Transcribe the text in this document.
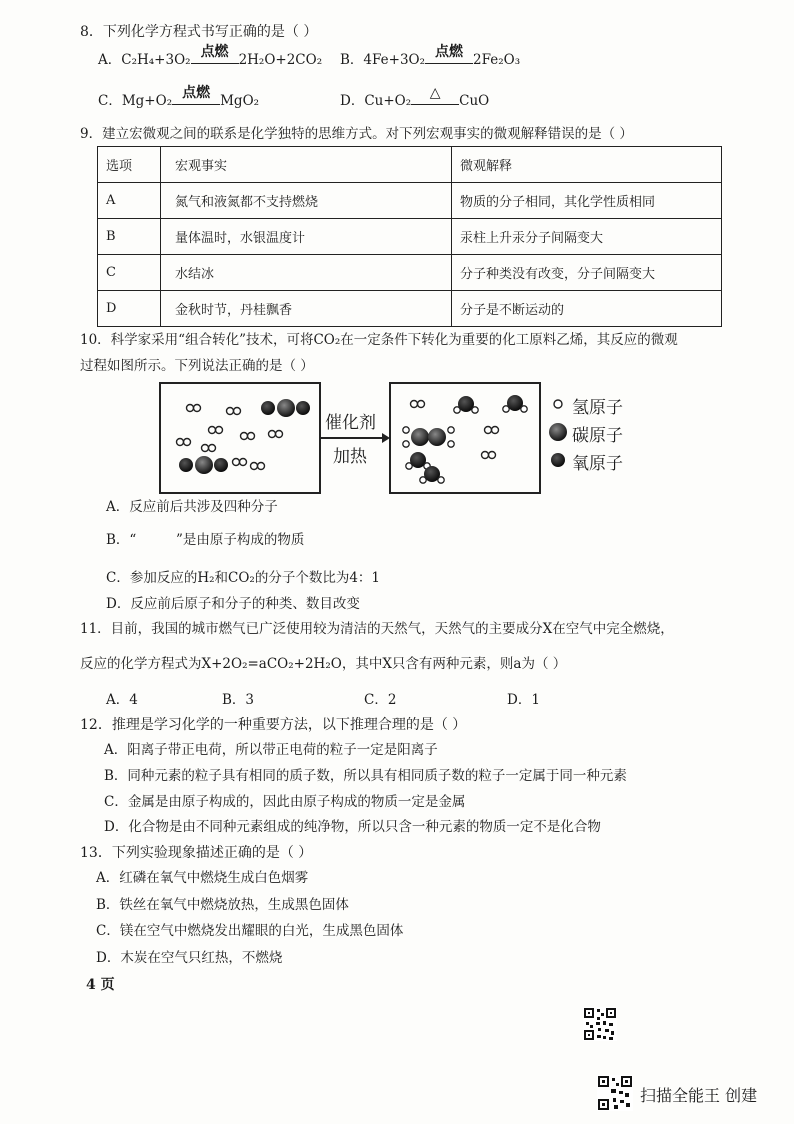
8．下列化学方程式书写正确的是（ ）
A．C₂H₄+3O₂
点燃
2H₂O+2CO₂ B．4Fe+3O₂
点燃
2Fe₂O₃
C．Mg+O₂
点燃
MgO₂	D．Cu+O₂
△
CuO
9．建立宏微观之间的联系是化学独特的思维方式。对下列宏观事实的微观解释错误的是（ ）
选项	宏观事实	微观解释
A	氮气和液氮都不支持燃烧	物质的分子相同，其化学性质相同
B	量体温时，水银温度计	汞柱上升汞分子间隔变大
C	水结冰	分子种类没有改变，分子间隔变大
D	金秋时节，丹桂飘香	分子是不断运动的
10．科学家采用“组合转化”技术，可将CO₂在一定条件下转化为重要的化工原料乙烯，其反应的微观
过程如图所示。下列说法正确的是（ ）
催化剂
加热
氢原子
碳原子
氧原子
A．反应前后共涉及四种分子
B．“	”是由原子构成的物质
C．参加反应的H₂和CO₂的分子个数比为4：1
D．反应前后原子和分子的种类、数目改变
11．目前，我国的城市燃气已广泛使用较为清洁的天然气，天然气的主要成分X在空气中完全燃烧，
反应的化学方程式为X+2O₂=aCO₂+2H₂O，其中X只含有两种元素，则a为（ ）
A．4	B．3	C．2	D．1
12．推理是学习化学的一种重要方法，以下推理合理的是（ ）
A．阳离子带正电荷，所以带正电荷的粒子一定是阳离子
B．同种元素的粒子具有相同的质子数，所以具有相同质子数的粒子一定属于同一种元素
C．金属是由原子构成的，因此由原子构成的物质一定是金属
D．化合物是由不同种元素组成的纯净物，所以只含一种元素的物质一定不是化合物
13．下列实验现象描述正确的是（ ）
A．红磷在氧气中燃烧生成白色烟雾
B．铁丝在氧气中燃烧放热，生成黑色固体
C．镁在空气中燃烧发出耀眼的白光，生成黑色固体
D．木炭在空气只红热，不燃烧
4 页
扫描全能王 创建
